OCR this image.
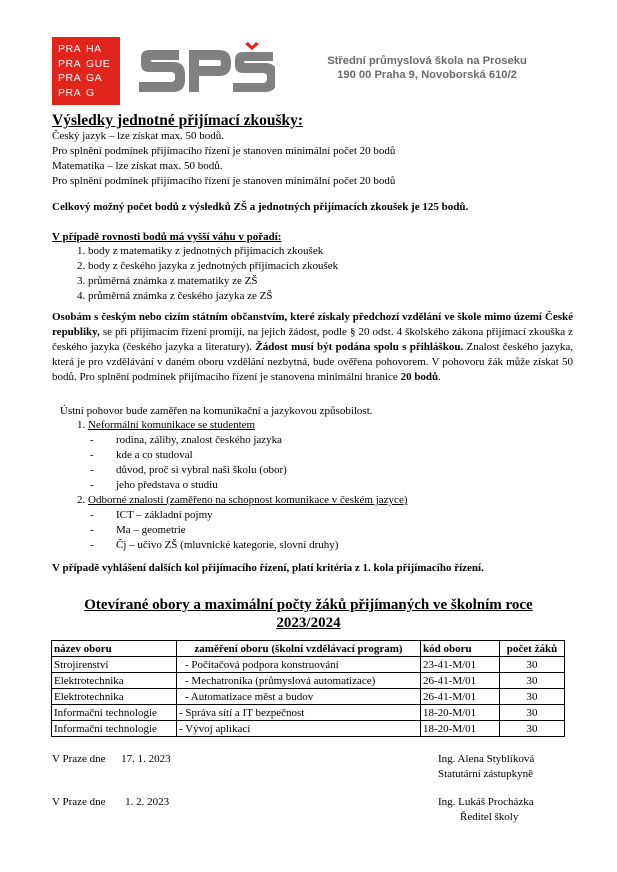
PRA HA
PRA GUE
PRA GA
PRA G
Střední průmyslová škola na Proseku
190 00 Praha 9, Novoborská 610/2
Výsledky jednotné přijímací zkoušky:
Český jazyk – lze získat max. 50 bodů.
Pro splnění podmínek přijímacího řízení je stanoven minimální počet 20 bodů
Matematika – lze získat max. 50 bodů.
Pro splnění podmínek přijímacího řízení je stanoven minimální počet 20 bodů
Celkový možný počet bodů z výsledků ZŠ a jednotných přijímacích zkoušek je 125 bodů.
V případě rovnosti bodů má vyšší váhu v pořadí:
1. body z matematiky z jednotných přijímacích zkoušek
2. body z českého jazyka z jednotných přijímacích zkoušek
3. průměrná známka z matematiky ze ZŠ
4. průměrná známka z českého jazyka ze ZŠ
Osobám s českým nebo cizím státním občanstvím, které získaly předchozí vzdělání ve škole mimo území České republiky, se při přijímacím řízení promíjí, na jejich žádost, podle § 20 odst. 4 školského zákona přijímací zkouška z českého jazyka (českého jazyka a literatury). Žádost musí být podána spolu s přihláškou. Znalost českého jazyka, která je pro vzdělávání v daném oboru vzdělání nezbytná, bude ověřena pohovorem. V pohovoru žák může získat 50 bodů. Pro splnění podmínek přijímacího řízení je stanovena minimální hranice 20 bodů.
Ústní pohovor bude zaměřen na komunikační a jazykovou způsobilost.
1. Neformální komunikace se studentem
- rodina, záliby, znalost českého jazyka
- kde a co studoval
- důvod, proč si vybral naši školu (obor)
- jeho představa o studiu
2. Odborné znalosti (zaměřeno na schopnost komunikace v českém jazyce)
- ICT – základní pojmy
- Ma – geometrie
- Čj – učivo ZŠ (mluvnické kategorie, slovní druhy)
V případě vyhlášení dalších kol přijímacího řízení, platí kritéria z 1. kola přijímacího řízení.
Otevírané obory a maximální počty žáků přijímaných ve školním roce
2023/2024
název oboru	zaměření oboru (školní vzdělávací program)	kód oboru	počet žáků
Strojírenství	- Počítačová podpora konstruování	23-41-M/01	30
Elektrotechnika	- Mechatronika (průmyslová automatizace)	26-41-M/01	30
Elektrotechnika	- Automatizace měst a budov	26-41-M/01	30
Informační technologie	- Správa sítí a IT bezpečnost	18-20-M/01	30
Informační technologie	- Vývoj aplikací	18-20-M/01	30
V Praze dne 17. 1. 2023	Ing. Alena Styblíková
Statutární zástupkyně
V Praze dne 1. 2. 2023	Ing. Lukáš Procházka
Ředitel školy
